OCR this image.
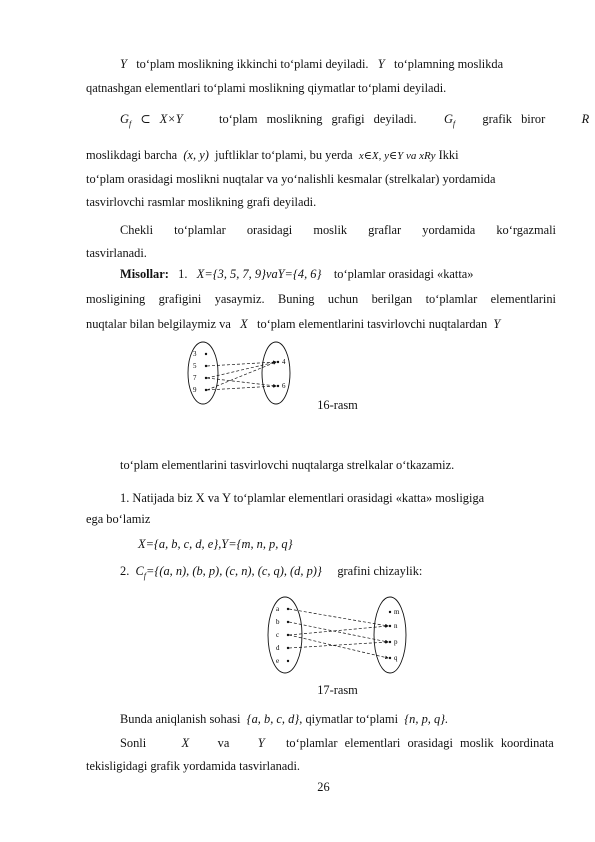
Y to‘plam moslikning ikkinchi to‘plami deyiladi. Y to‘plamning moslikda
qatnashgan elementlari to‘plami moslikning qiymatlar to‘plami deyiladi.
$G_f$ ⊂ X×Y	to‘plam moslikning grafigi deyiladi. $G_f$ grafik biror	R
moslikdagi barcha (x, y) juftliklar to‘plami, bu yerda x∈X, y∈Y va xRy Ikki
to‘plam orasidagi moslikni nuqtalar va yo‘nalishli kesmalar (strelkalar) yordamida
tasvirlovchi rasmlar moslikning grafi deyiladi.
Chekli to‘plamlar orasidagi moslik graflar yordamida ko‘rgazmali
tasvirlanadi.
Misollar: 1. X={3, 5, 7, 9}vaY={4, 6} to‘plamlar orasidagi «katta»
mosligining grafigini yasaymiz. Buning uchun berilgan to‘plamlar elementlarini
nuqtalar bilan belgilaymiz va X to‘plam elementlarini tasvirlovchi nuqtalardan Y
3
5
7
9
4
6
16-rasm
to‘plam elementlarini tasvirlovchi nuqtalarga strelkalar o‘tkazamiz.
1. Natijada biz X va Y to‘plamlar elementlari orasidagi «katta» mosligiga
ega bo‘lamiz
X={a, b, c, d, e},Y={m, n, p, q}
2. $C_f=\{(a$, n), (b, p), (c, n), (c, q), (d, p)} grafini chizaylik:
a
b
c
d
e
m
n
p
q
17-rasm
Bunda aniqlanish sohasi {a, b, c, d}, qiymatlar to‘plami {n, p, q}.
Sonli	X va Y to‘plamlar elementlari orasidagi moslik koordinata
tekisligidagi grafik yordamida tasvirlanadi.
26
